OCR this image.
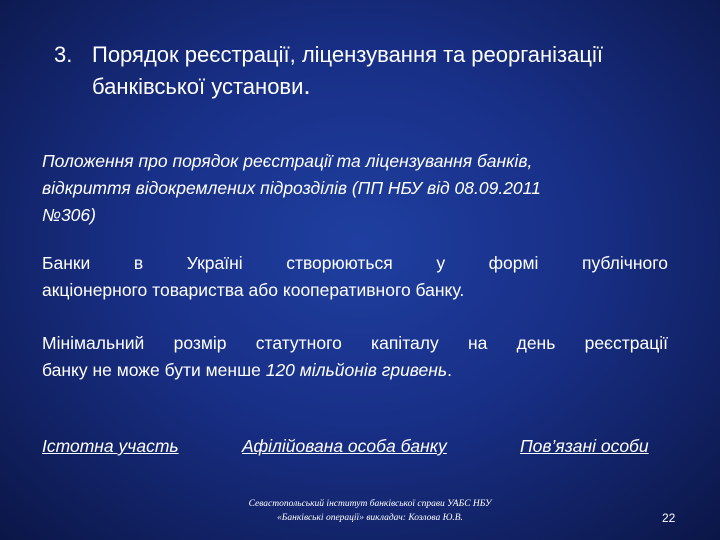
3. Порядок реєстрації, ліцензування та реорганізації
банківської установи.
Положення про порядок реєстрації та ліцензування банків,
відкриття відокремлених підрозділів (ПП НБУ від 08.09.2011
№306)
Банки в Україні створюються у формі публічного
акціонерного товариства або кооперативного банку.
Мінімальний розмір статутного капіталу на день реєстрації
банку не може бути менше 120 мільйонів гривень.
Істотна участь	Афілійована особа банку	Пов’язані особи
Севастопольський інститут банківської справи УАБС НБУ
«Банківські операції» викладач: Козлова Ю.В.	22
